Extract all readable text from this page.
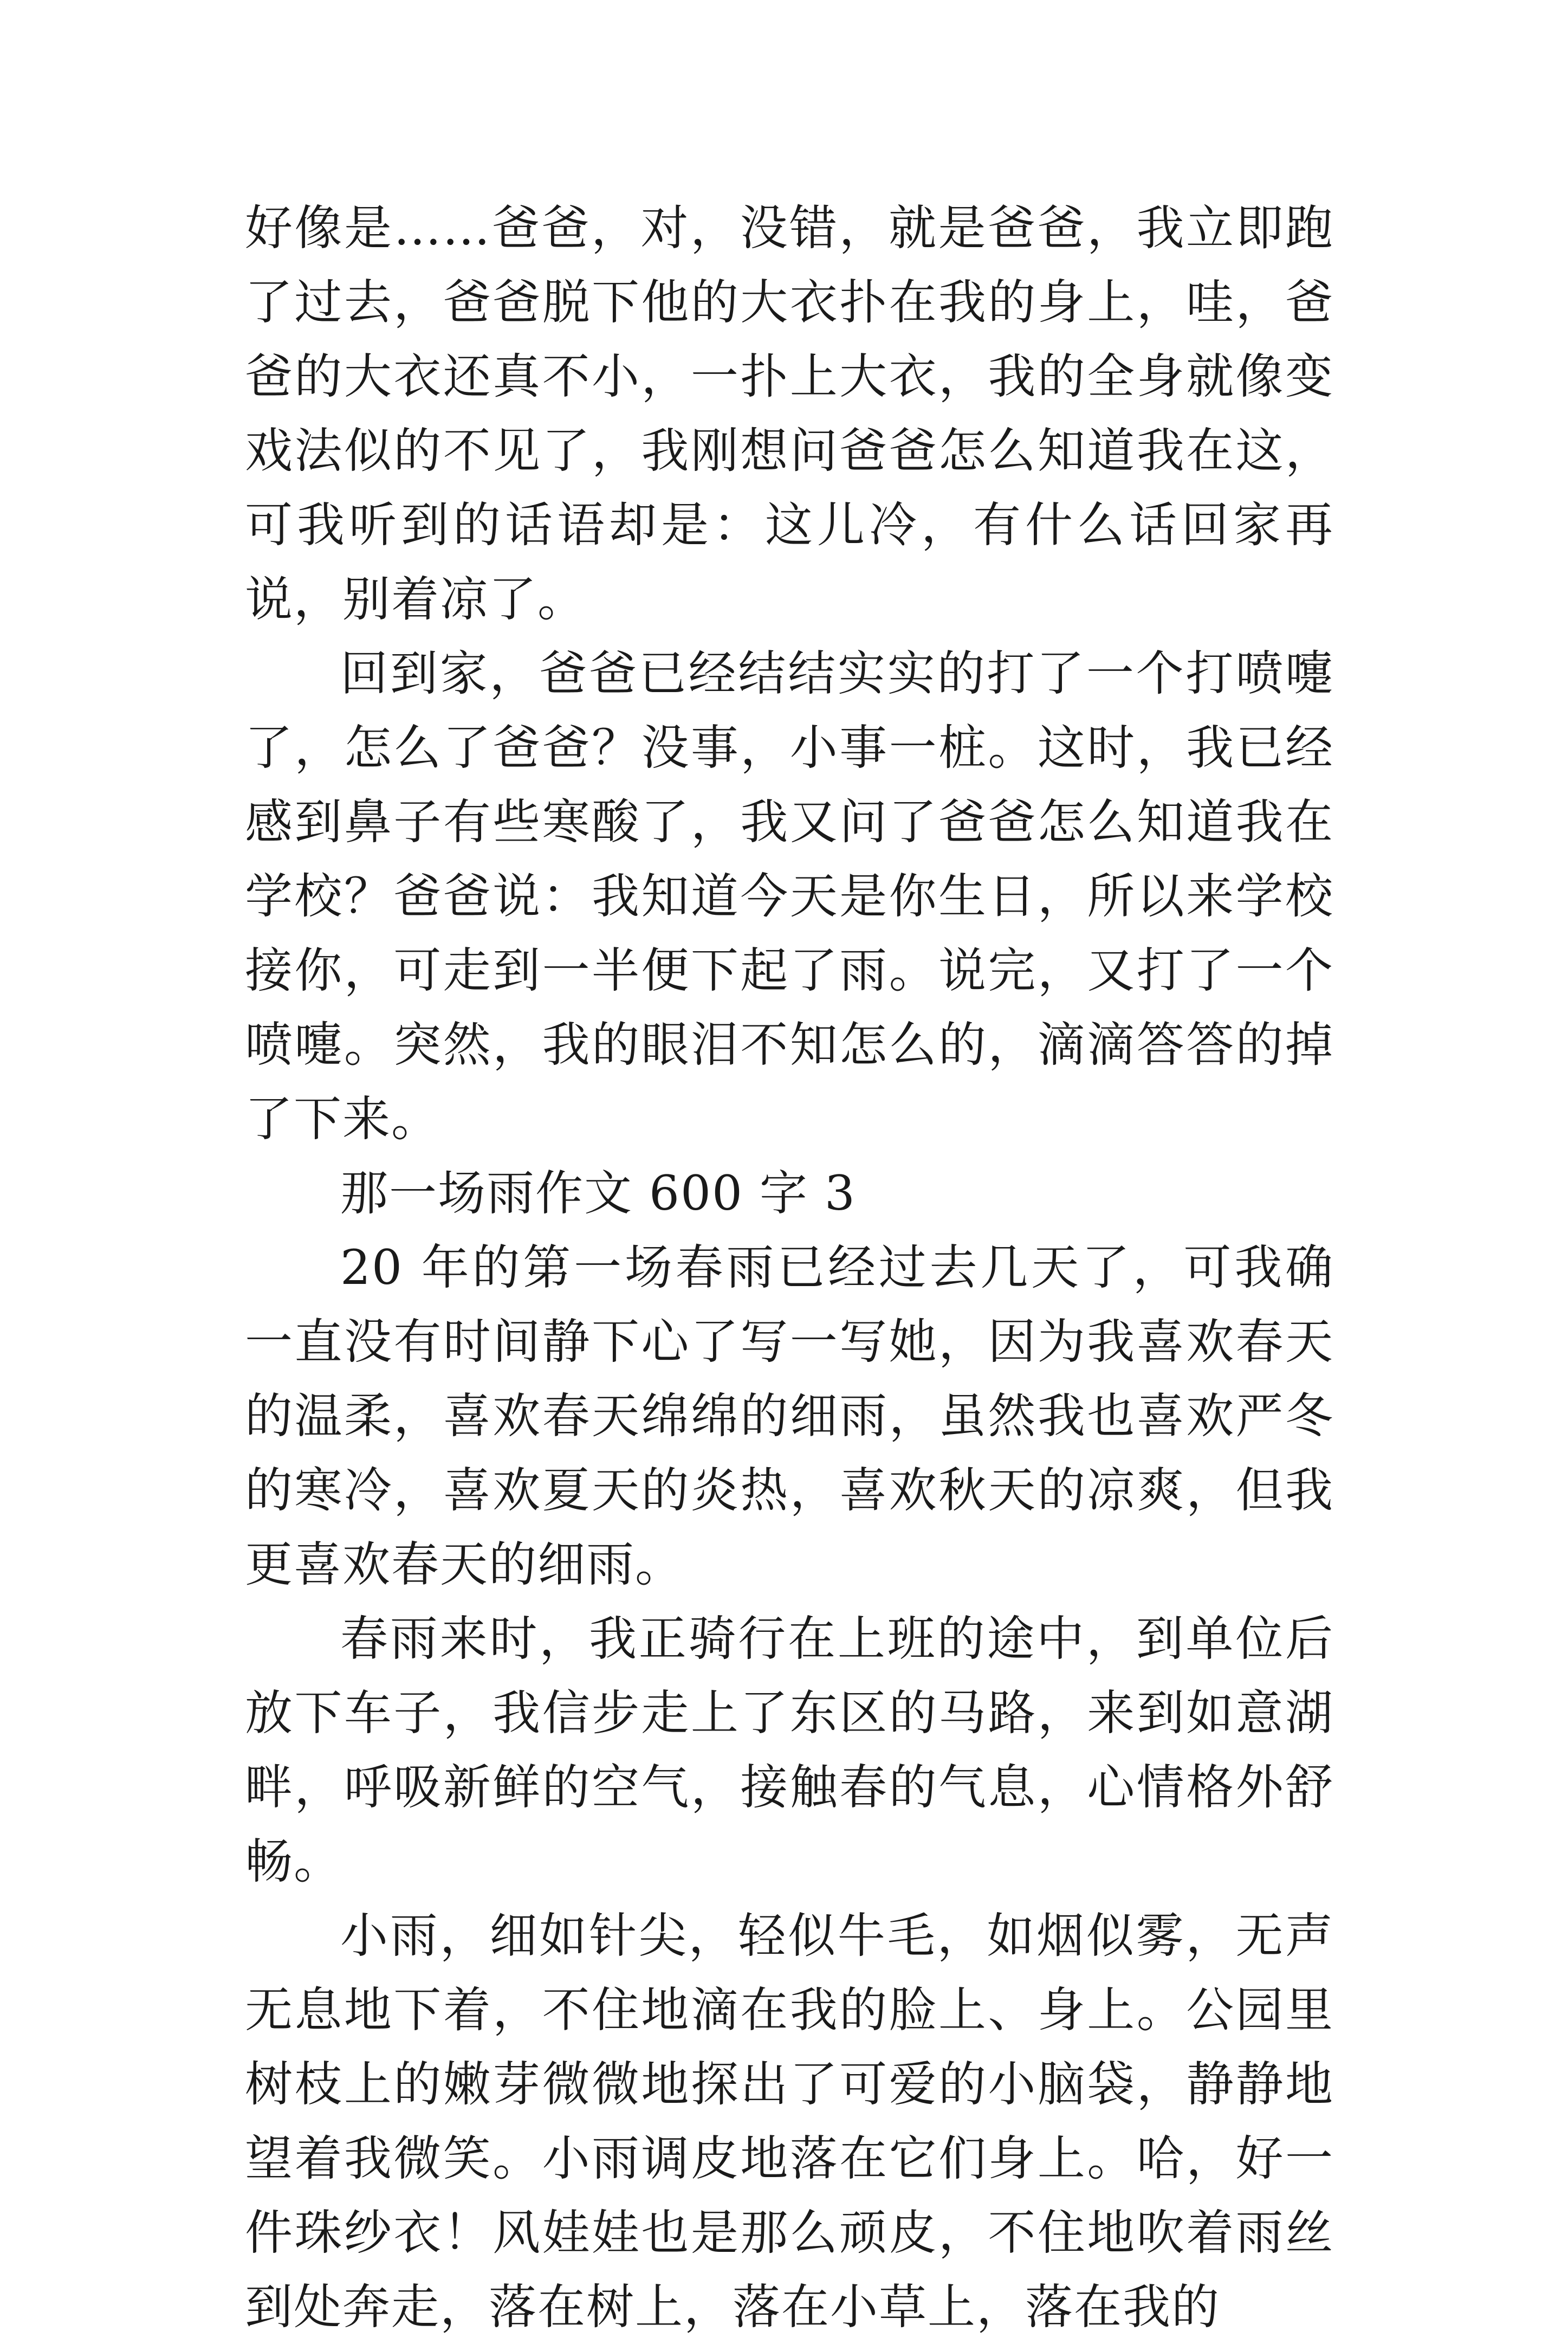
好像是……爸爸，对，没错，就是爸爸，我立即跑了过去，爸爸脱下他的大衣扑在我的身上，哇，爸爸的大衣还真不小，一扑上大衣，我的全身就像变戏法似的不见了，我刚想问爸爸怎么知道我在这，可我听到的话语却是：这儿冷，有什么话回家再说，别着凉了。

回到家，爸爸已经结结实实的打了一个打喷嚏了，怎么了爸爸？没事，小事一桩。这时，我已经感到鼻子有些寒酸了，我又问了爸爸怎么知道我在学校？爸爸说：我知道今天是你生日，所以来学校接你，可走到一半便下起了雨。说完，又打了一个喷嚏。突然，我的眼泪不知怎么的，滴滴答答的掉了下来。

那一场雨作文 600 字 3

20 年的第一场春雨已经过去几天了，可我确一直没有时间静下心了写一写她，因为我喜欢春天的温柔，喜欢春天绵绵的细雨，虽然我也喜欢严冬的寒冷，喜欢夏天的炎热，喜欢秋天的凉爽，但我更喜欢春天的细雨。

春雨来时，我正骑行在上班的途中，到单位后放下车子，我信步走上了东区的马路，来到如意湖畔，呼吸新鲜的空气，接触春的气息，心情格外舒畅。

小雨，细如针尖，轻似牛毛，如烟似雾，无声无息地下着，不住地滴在我的脸上、身上。公园里树枝上的嫩芽微微地探出了可爱的小脑袋，静静地望着我微笑。小雨调皮地落在它们身上。哈，好一件珠纱衣！风娃娃也是那么顽皮，不住地吹着雨丝到处奔走，落在树上，落在小草上，落在我的
